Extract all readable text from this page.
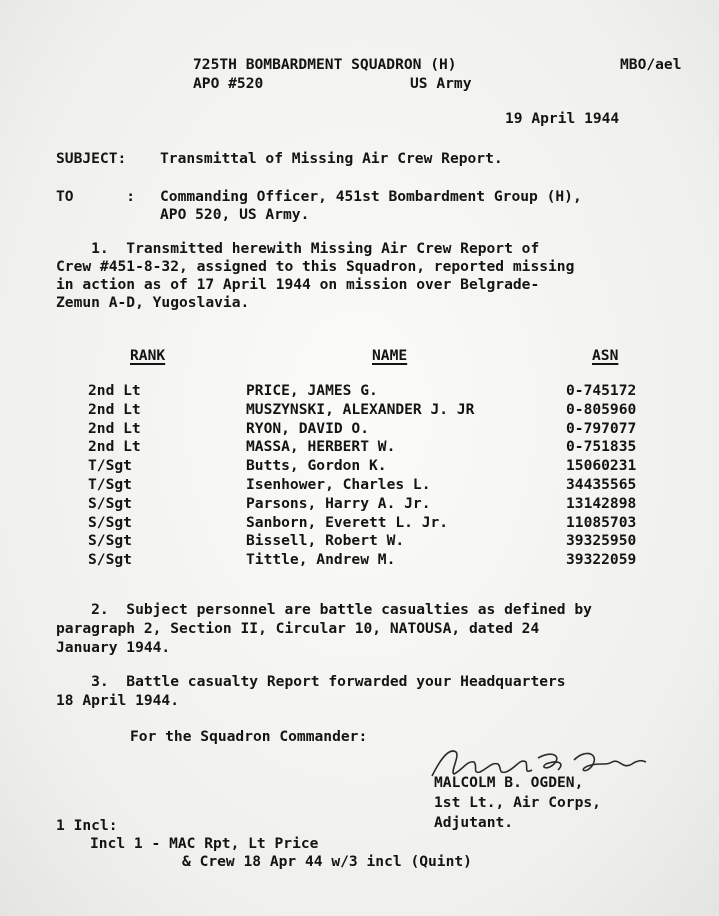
725TH BOMBARDMENT SQUADRON (H)
APO #520	US Army
MBO/ael
19 April 1944
SUBJECT: Transmittal of Missing Air Crew Report.
TO      : Commanding Officer, 451st Bombardment Group (H),
APO 520, US Army.
1.  Transmitted herewith Missing Air Crew Report of
Crew #451-8-32, assigned to this Squadron, reported missing
in action as of 17 April 1944 on mission over Belgrade-
Zemun A-D, Yugoslavia.
RANK	NAME	ASN
2nd Lt	PRICE, JAMES G.	0-745172
2nd Lt	MUSZYNSKI, ALEXANDER J. JR	0-805960
2nd Lt	RYON, DAVID O.	0-797077
2nd Lt	MASSA, HERBERT W.	0-751835
T/Sgt	Butts, Gordon K.	15060231
T/Sgt	Isenhower, Charles L.	34435565
S/Sgt	Parsons, Harry A. Jr.	13142898
S/Sgt	Sanborn, Everett L. Jr.	11085703
S/Sgt	Bissell, Robert W.	39325950
S/Sgt	Tittle, Andrew M.	39322059
2.  Subject personnel are battle casualties as defined by
paragraph 2, Section II, Circular 10, NATOUSA, dated 24
January 1944.
3.  Battle casualty Report forwarded your Headquarters
18 April 1944.
For the Squadron Commander:
MALCOLM B. OGDEN,
1st Lt., Air Corps,
Adjutant.
1 Incl:
Incl 1 - MAC Rpt, Lt Price
& Crew 18 Apr 44 w/3 incl (Quint)
